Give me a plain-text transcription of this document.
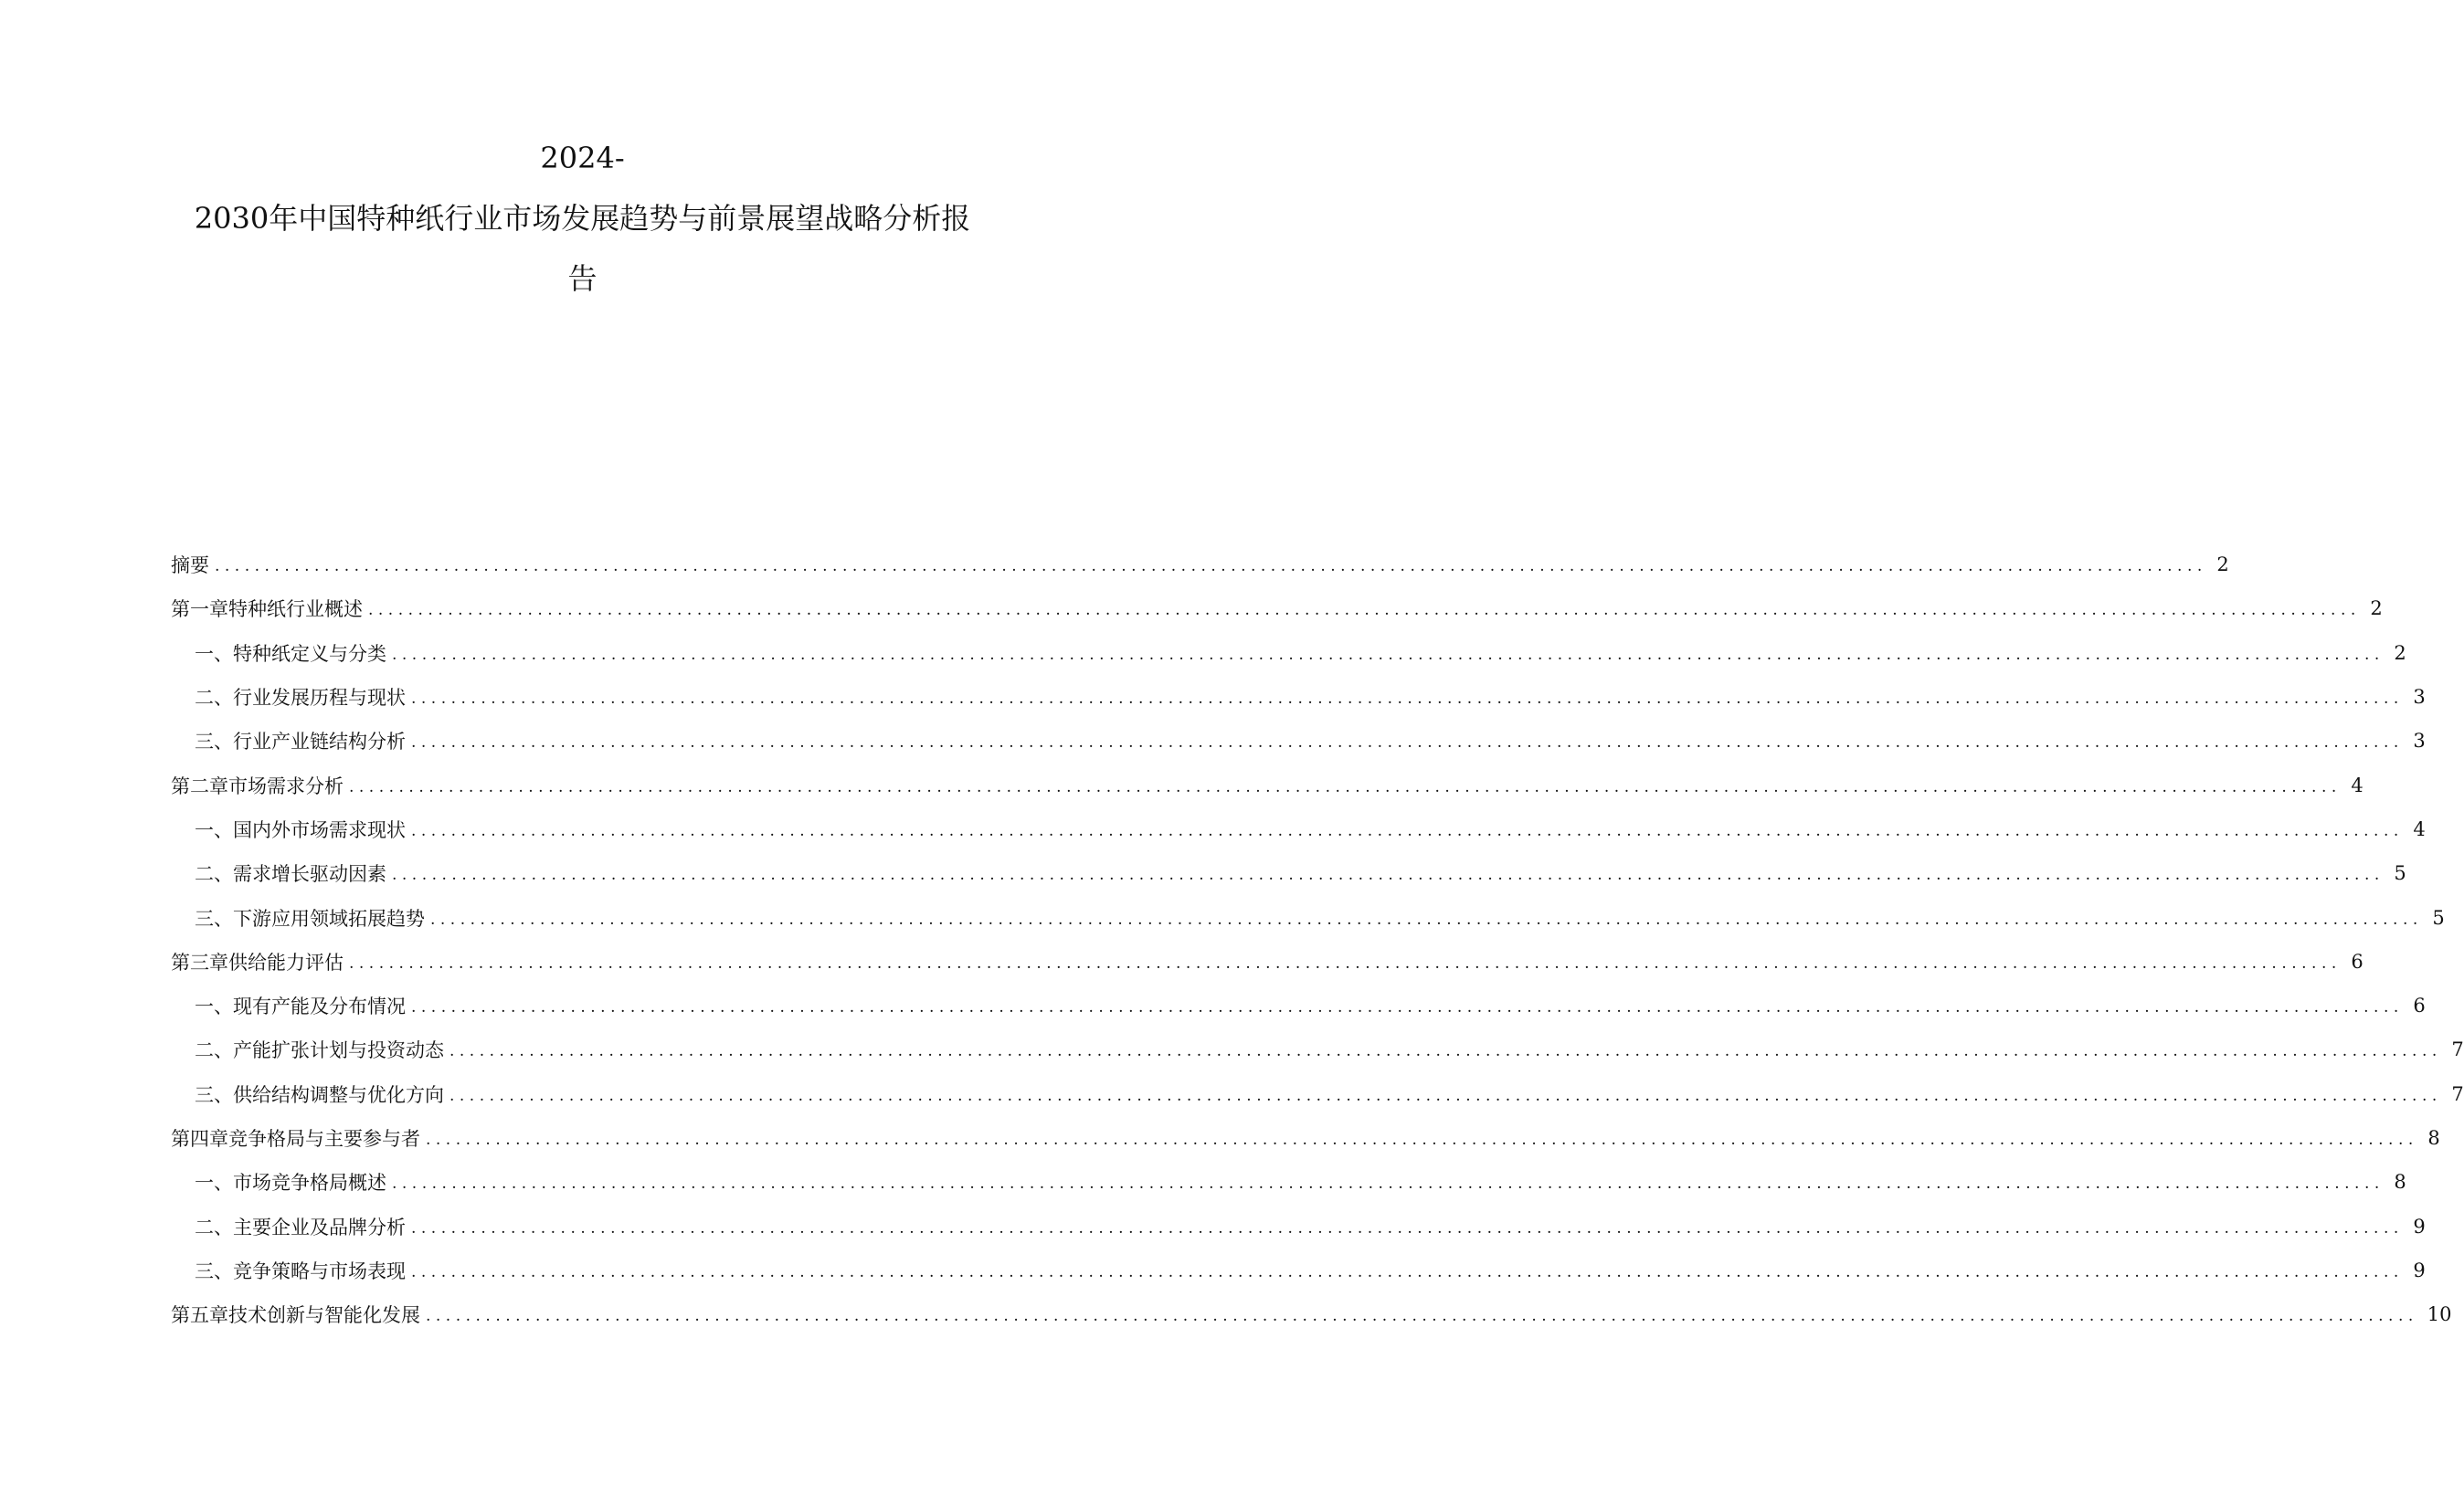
2024-
2030年中国特种纸行业市场发展趋势与前景展望战略分析报
告
摘要 ........................................................................................................................................................................................................ 2
第一章 特种纸行业概述 ........................................................................................................................................................................................................ 2
一、 特种纸定义与分类 ........................................................................................................................................................................................................ 2
二、 行业发展历程与现状 ........................................................................................................................................................................................................ 3
三、 行业产业链结构分析 ........................................................................................................................................................................................................ 3
第二章 市场需求分析 ........................................................................................................................................................................................................ 4
一、 国内外市场需求现状 ........................................................................................................................................................................................................ 4
二、 需求增长驱动因素 ........................................................................................................................................................................................................ 5
三、 下游应用领域拓展趋势 ........................................................................................................................................................................................................ 5
第三章 供给能力评估 ........................................................................................................................................................................................................ 6
一、 现有产能及分布情况 ........................................................................................................................................................................................................ 6
二、 产能扩张计划与投资动态 ........................................................................................................................................................................................................ 7
三、 供给结构调整与优化方向 ........................................................................................................................................................................................................ 7
第四章 竞争格局与主要参与者 ........................................................................................................................................................................................................ 8
一、 市场竞争格局概述 ........................................................................................................................................................................................................ 8
二、 主要企业及品牌分析 ........................................................................................................................................................................................................ 9
三、 竞争策略与市场表现 ........................................................................................................................................................................................................ 9
第五章 技术创新与智能化发展 ........................................................................................................................................................................................................ 10
